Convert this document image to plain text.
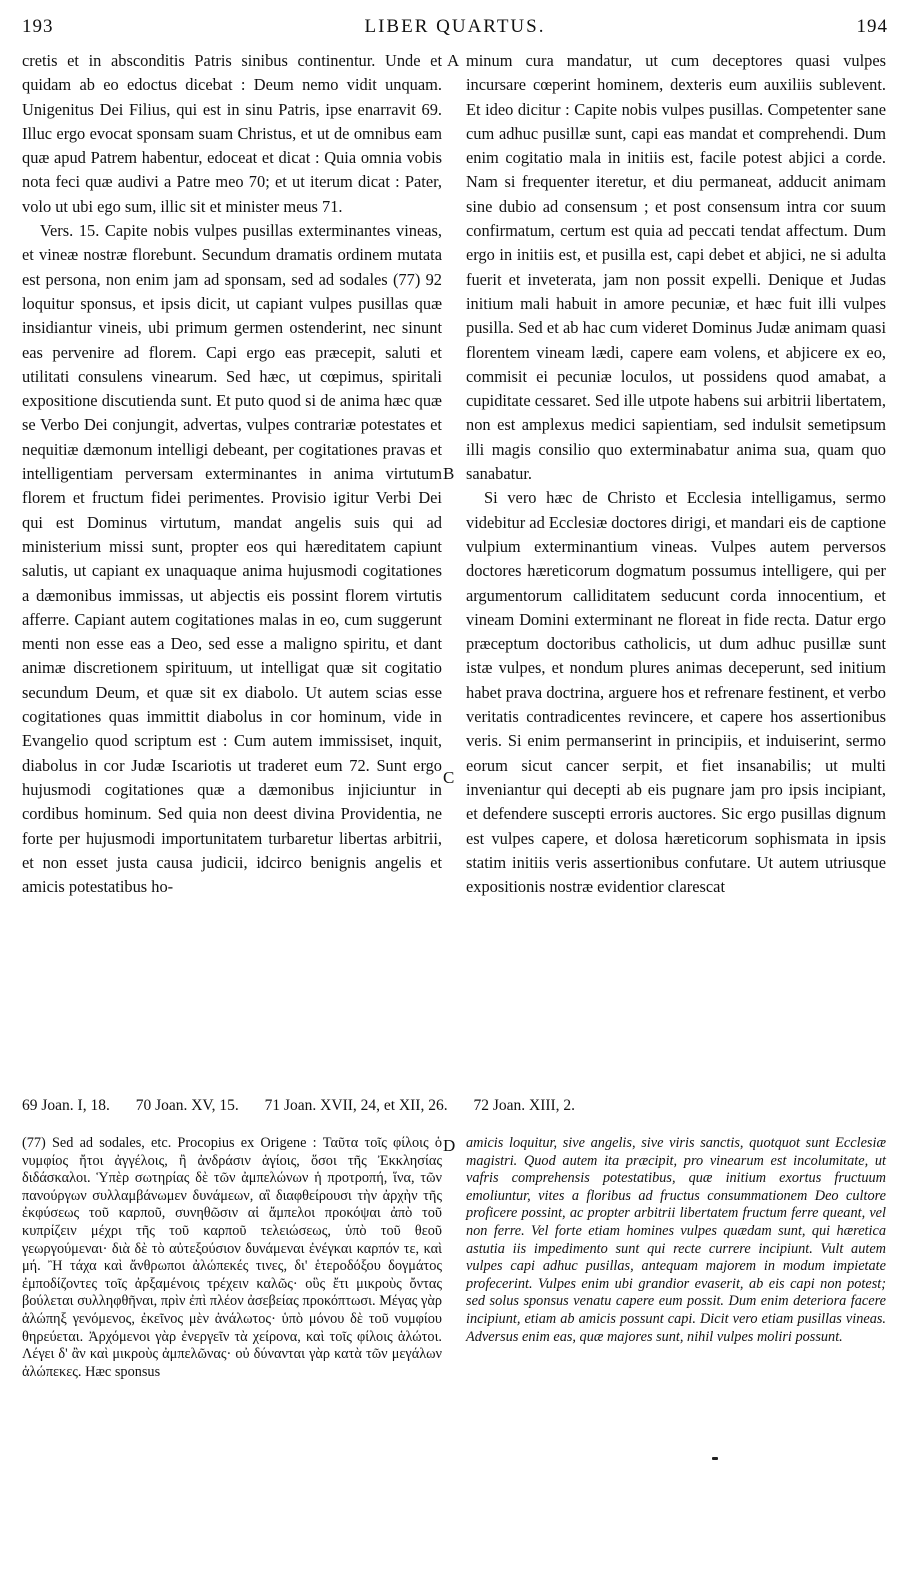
193	LIBER QUARTUS.	194

cretis et in absconditis Patris sinibus continentur. Unde et quidam ab eo edoctus dicebat : Deum nemo vidit unquam. Unigenitus Dei Filius, qui est in sinu Patris, ipse enarravit 69. Illuc ergo evocat sponsam suam Christus, et ut de omnibus eam quæ apud Patrem habentur, edoceat et dicat : Quia omnia vobis nota feci quæ audivi a Patre meo 70; et ut iterum dicat : Pater, volo ut ubi ego sum, illic sit et minister meus 71.

Vers. 15. Capite nobis vulpes pusillas exterminantes vineas, et vineæ nostræ florebunt. Secundum dramatis ordinem mutata est persona, non enim jam ad sponsam, sed ad sodales (77) 92 loquitur sponsus, et ipsis dicit, ut capiant vulpes pusillas quæ insidiantur vineis, ubi primum germen ostenderint, nec sinunt eas pervenire ad florem. Capi ergo eas præcepit, saluti et utilitati consulens vinearum. Sed hæc, ut cœpimus, spiritali expositione discutienda sunt. Et puto quod si de anima hæc quæ se Verbo Dei conjungit, advertas, vulpes contrariæ potestates et nequitiæ dæmonum intelligi debeant, per cogitationes pravas et intelligentiam perversam exterminantes in anima virtutum florem et fructum fidei perimentes. Provisio igitur Verbi Dei qui est Dominus virtutum, mandat angelis suis qui ad ministerium missi sunt, propter eos qui hæreditatem capiunt salutis, ut capiant ex unaquaque anima hujusmodi cogitationes a dæmonibus immissas, ut abjectis eis possint florem virtutis afferre. Capiant autem cogitationes malas in eo, cum suggerunt menti non esse eas a Deo, sed esse a maligno spiritu, et dant animæ discretionem spirituum, ut intelligat quæ sit cogitatio secundum Deum, et quæ sit ex diabolo. Ut autem scias esse cogitationes quas immittit diabolus in cor hominum, vide in Evangelio quod scriptum est : Cum autem immissiset, inquit, diabolus in cor Judæ Iscariotis ut traderet eum 72. Sunt ergo hujusmodi cogitationes quæ a dæmonibus injiciuntur in cordibus hominum. Sed quia non deest divina Providentia, ne forte per hujusmodi importunitatem turbaretur libertas arbitrii, et non esset justa causa judicii, idcirco benignis angelis et amicis potestatibus ho-

minum cura mandatur, ut cum deceptores quasi vulpes incursare cœperint hominem, dexteris eum auxiliis sublevent. Et ideo dicitur : Capite nobis vulpes pusillas. Competenter sane cum adhuc pusillæ sunt, capi eas mandat et comprehendi. Dum enim cogitatio mala in initiis est, facile potest abjici a corde. Nam si frequenter iteretur, et diu permaneat, adducit animam sine dubio ad consensum ; et post consensum intra cor suum confirmatum, certum est quia ad peccati tendat affectum. Dum ergo in initiis est, et pusilla est, capi debet et abjici, ne si adulta fuerit et inveterata, jam non possit expelli. Denique et Judas initium mali habuit in amore pecuniæ, et hæc fuit illi vulpes pusilla. Sed et ab hac cum videret Dominus Judæ animam quasi florentem vineam lædi, capere eam volens, et abjicere ex eo, commisit ei pecuniæ loculos, ut possidens quod amabat, a cupiditate cessaret. Sed ille utpote habens sui arbitrii libertatem, non est amplexus medici sapientiam, sed indulsit semetipsum illi magis consilio quo exterminabatur anima sua, quam quo sanabatur.

Si vero hæc de Christo et Ecclesia intelligamus, sermo videbitur ad Ecclesiæ doctores dirigi, et mandari eis de captione vulpium exterminantium vineas. Vulpes autem perversos doctores hæreticorum dogmatum possumus intelligere, qui per argumentorum calliditatem seducunt corda innocentium, et vineam Domini exterminant ne floreat in fide recta. Datur ergo præceptum doctoribus catholicis, ut dum adhuc pusillæ sunt istæ vulpes, et nondum plures animas deceperunt, sed initium habet prava doctrina, arguere hos et refrenare festinent, et verbo veritatis contradicentes revincere, et capere hos assertionibus veris. Si enim permanserint in principiis, et induiserint, sermo eorum sicut cancer serpit, et fiet insanabilis; ut multi inveniantur qui decepti ab eis pugnare jam pro ipsis incipiant, et defendere suscepti erroris auctores. Sic ergo pusillas dignum est vulpes capere, et dolosa hæreticorum sophismata in ipsis statim initiis veris assertionibus confutare. Ut autem utriusque expositionis nostræ evidentior clarescat

A
B
C
D
69 Joan. I, 18. 70 Joan. XV, 15. 71 Joan. XVII, 24, et XII, 26. 72 Joan. XIII, 2.

(77) Sed ad sodales, etc. Procopius ex Origene : Ταῦτα τοῖς φίλοις ὁ νυμφίος ἤτοι ἀγγέλοις, ἢ ἀνδράσιν ἁγίοις, ὅσοι τῆς Ἐκκλησίας διδάσκαλοι. Ὑπὲρ σωτηρίας δὲ τῶν ἀμπελώνων ἡ προτροπή, ἵνα, τῶν πανούργων συλλαμβάνωμεν δυνάμεων, αἳ διαφθείρουσι τὴν ἀρχὴν τῆς ἐκφύσεως τοῦ καρποῦ, συνηθῶσιν αἱ ἄμπελοι προκόψαι ἀπὸ τοῦ κυπρίζειν μέχρι τῆς τοῦ καρποῦ τελειώσεως, ὑπὸ τοῦ θεοῦ γεωργούμεναι· διὰ δὲ τὸ αὐτεξούσιον δυνάμεναι ἐνέγκαι καρπόν τε, καὶ μή. Ἢ τάχα καὶ ἄνθρωποι ἀλώπεκές τινες, δι' ἑτεροδόξου δογμάτος ἐμποδίζοντες τοῖς ἀρξαμένοις τρέχειν καλῶς· οὓς ἔτι μικροὺς ὄντας βούλεται συλληφθῆναι, πρὶν ἐπὶ πλέον ἀσεβείας προκόπτωσι. Μέγας γὰρ ἀλώπηξ γενόμενος, ἐκεῖνος μὲν ἀνάλωτος· ὑπὸ μόνου δὲ τοῦ νυμφίου θηρεύεται. Ἀρχόμενοι γὰρ ἐνεργεῖν τὰ χείρονα, καὶ τοῖς φίλοις ἁλώτοι. Λέγει δ' ἂν καὶ μικροὺς ἀμπελῶνας· οὐ δύνανται γὰρ κατὰ τῶν μεγάλων ἀλώπεκες. Hæc sponsus

amicis loquitur, sive angelis, sive viris sanctis, quotquot sunt Ecclesiæ magistri. Quod autem ita præcipit, pro vinearum est incolumitate, ut vafris comprehensis potestatibus, quæ initium exortus fructuum emoliuntur, vites a floribus ad fructus consummationem Deo cultore proficere possint, ac propter arbitrii libertatem fructum ferre queant, vel non ferre. Vel forte etiam homines vulpes quædam sunt, qui hæretica astutia iis impedimento sunt qui recte currere incipiunt. Vult autem vulpes capi adhuc pusillas, antequam majorem in modum impietate profecerint. Vulpes enim ubi grandior evaserit, ab eis capi non potest; sed solus sponsus venatu capere eum possit. Dum enim deteriora facere incipiunt, etiam ab amicis possunt capi. Dicit vero etiam pusillas vineas. Adversus enim eas, quæ majores sunt, nihil vulpes moliri possunt.
